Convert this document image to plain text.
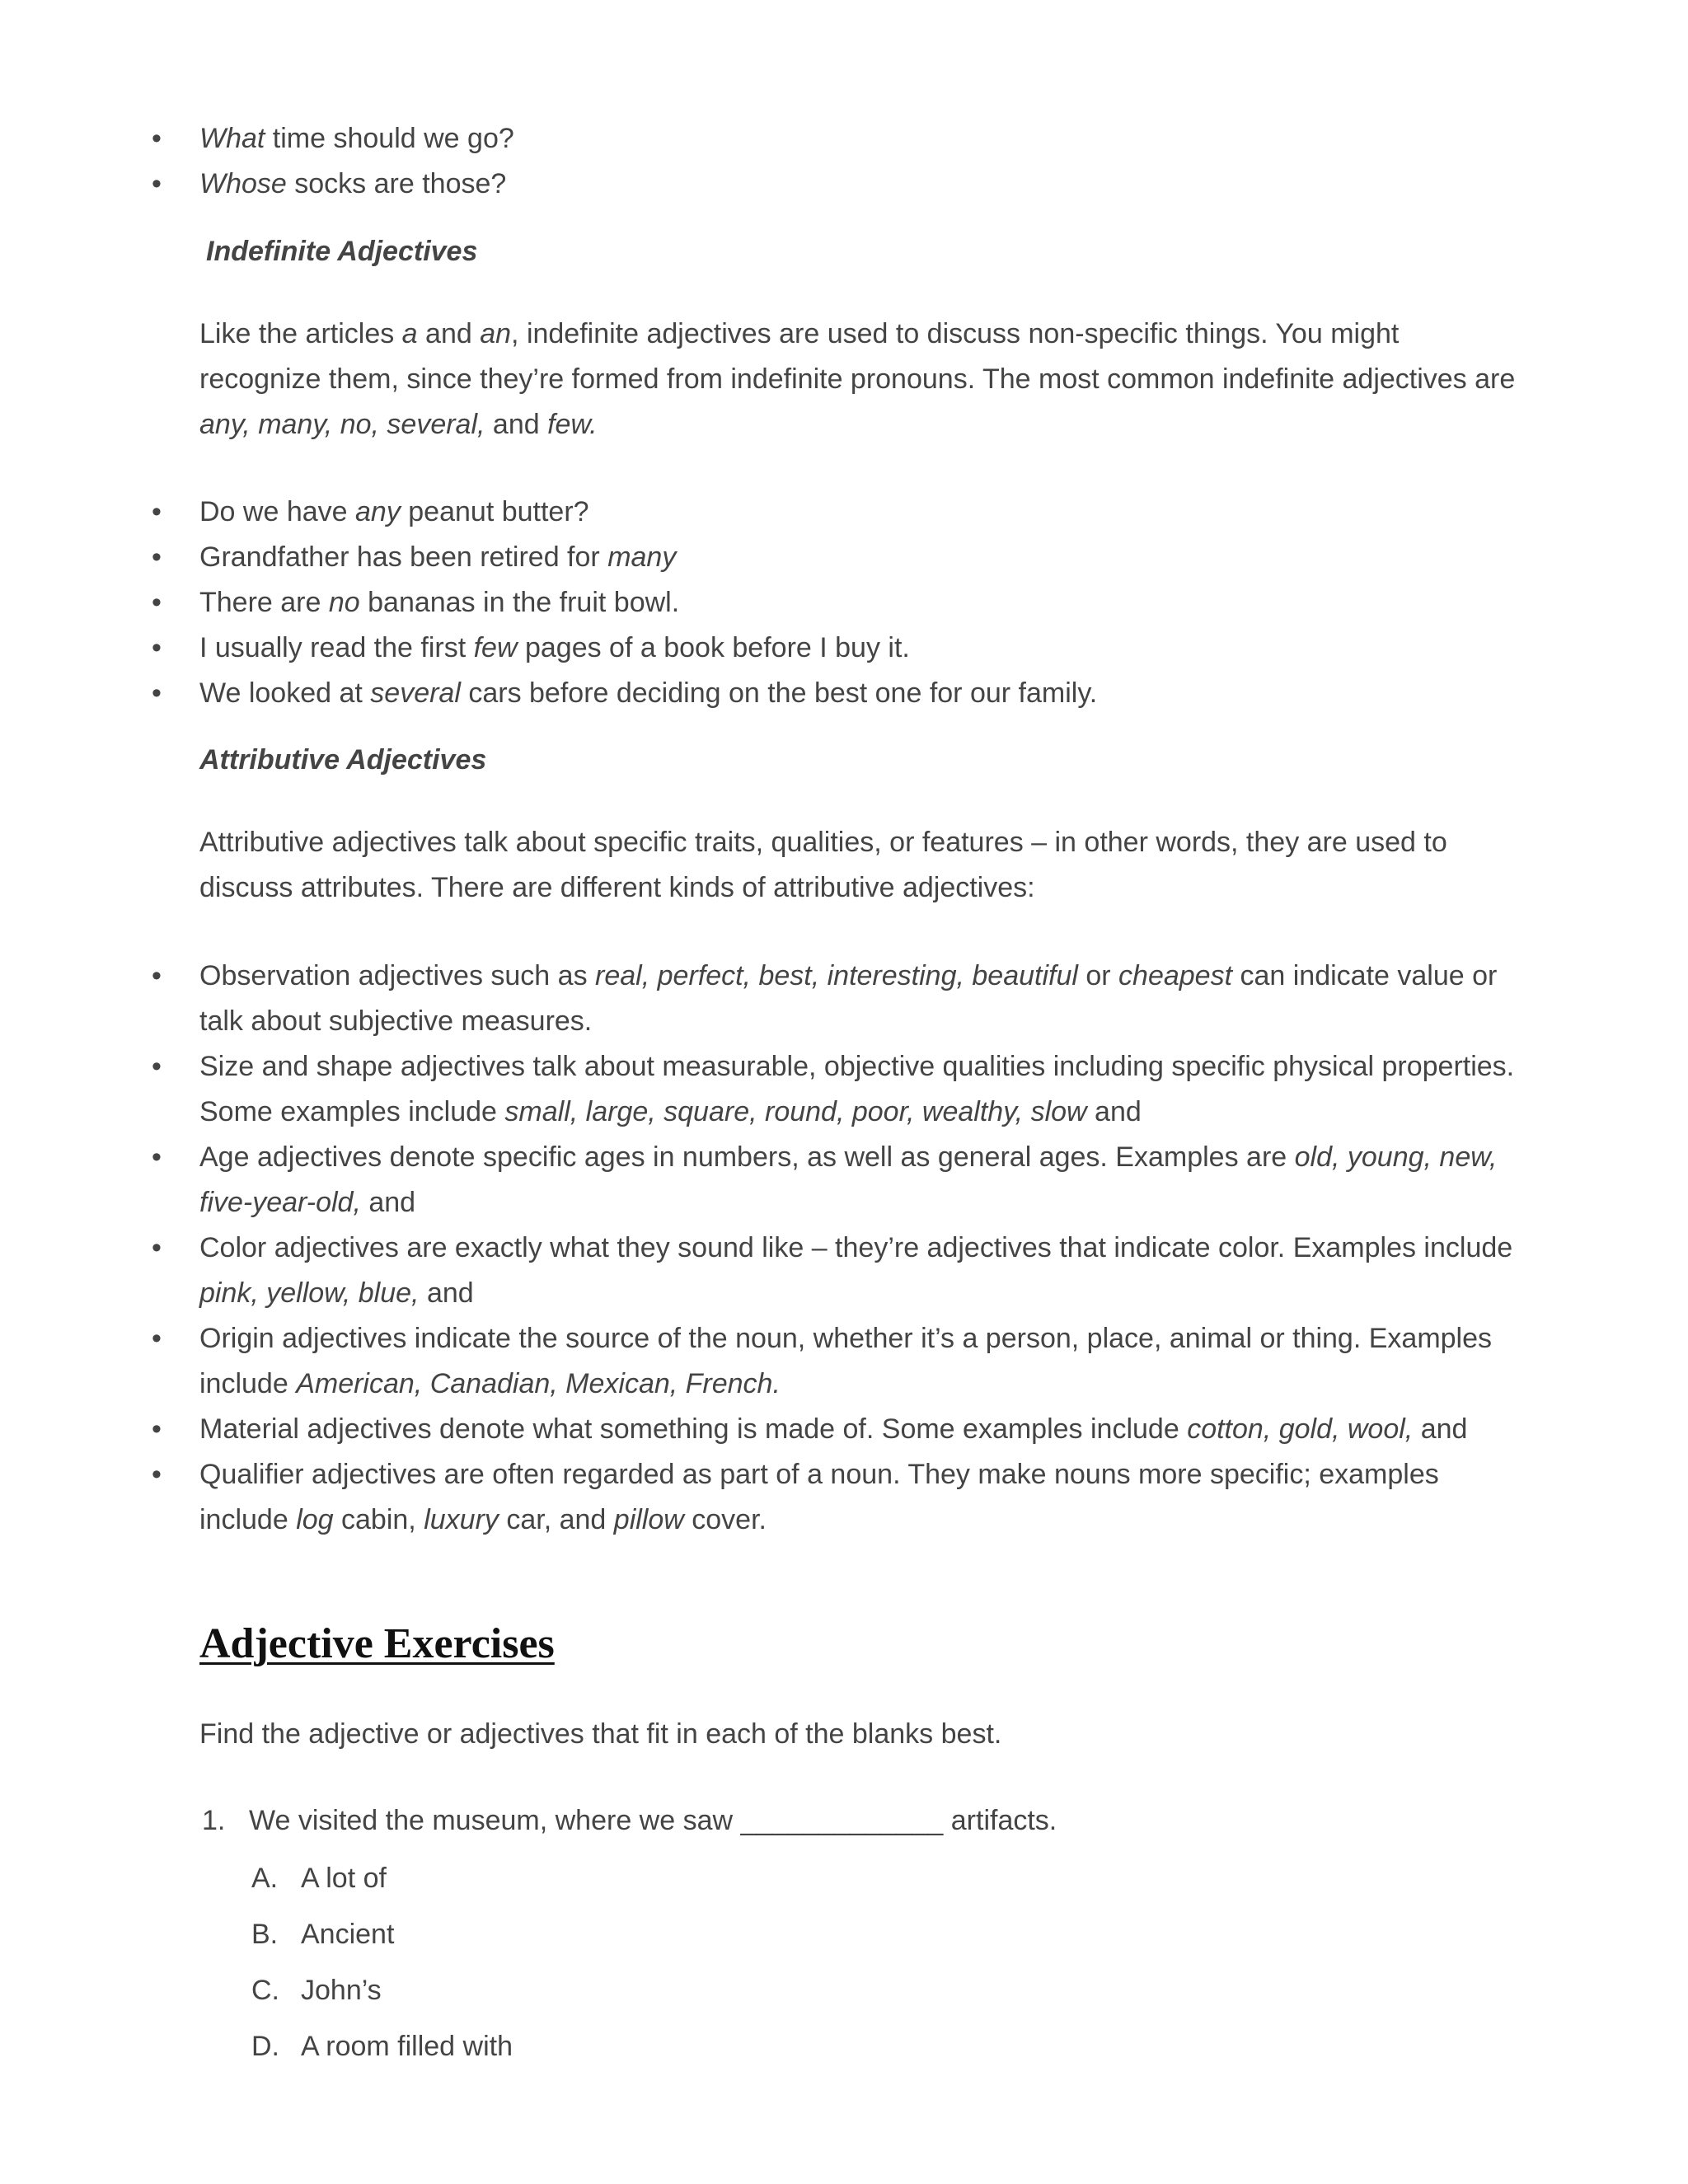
• What time should we go?
• Whose socks are those?
Indefinite Adjectives
Like the articles a and an, indefinite adjectives are used to discuss non-specific things. You might recognize them, since they’re formed from indefinite pronouns. The most common indefinite adjectives are any, many, no, several, and few.
• Do we have any peanut butter?
• Grandfather has been retired for many
• There are no bananas in the fruit bowl.
• I usually read the first few pages of a book before I buy it.
• We looked at several cars before deciding on the best one for our family.
Attributive Adjectives
Attributive adjectives talk about specific traits, qualities, or features – in other words, they are used to discuss attributes. There are different kinds of attributive adjectives:
• Observation adjectives such as real, perfect, best, interesting, beautiful or cheapest can indicate value or talk about subjective measures.
• Size and shape adjectives talk about measurable, objective qualities including specific physical properties. Some examples include small, large, square, round, poor, wealthy, slow and
• Age adjectives denote specific ages in numbers, as well as general ages. Examples are old, young, new, five-year-old, and
• Color adjectives are exactly what they sound like – they’re adjectives that indicate color. Examples include pink, yellow, blue, and
• Origin adjectives indicate the source of the noun, whether it’s a person, place, animal or thing. Examples include American, Canadian, Mexican, French.
• Material adjectives denote what something is made of. Some examples include cotton, gold, wool, and
• Qualifier adjectives are often regarded as part of a noun. They make nouns more specific; examples include log cabin, luxury car, and pillow cover.
Adjective Exercises
Find the adjective or adjectives that fit in each of the blanks best.
1. We visited the museum, where we saw _____________ artifacts.
A. A lot of
B. Ancient
C. John’s
D. A room filled with
